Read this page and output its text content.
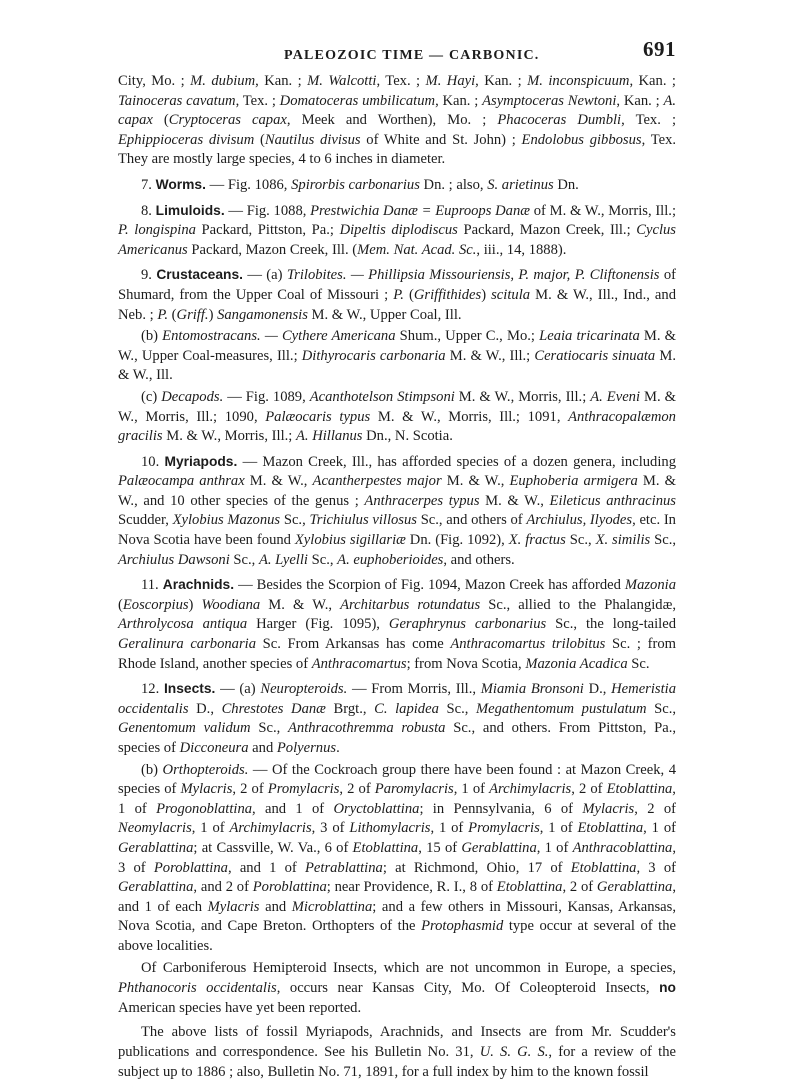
PALEOZOIC TIME — CARBONIC.	691

City, Mo. ; M. dubium, Kan. ; M. Walcotti, Tex. ; M. Hayi, Kan. ; M. inconspicuum, Kan. ; Tainoceras cavatum, Tex. ; Domatoceras umbilicatum, Kan. ; Asymptoceras Newtoni, Kan. ; A. capax (Cryptoceras capax, Meek and Worthen), Mo. ; Phacoceras Dumbli, Tex. ; Ephippioceras divisum (Nautilus divisus of White and St. John) ; Endolobus gibbosus, Tex. They are mostly large species, 4 to 6 inches in diameter.

7. Worms. — Fig. 1086, Spirorbis carbonarius Dn. ; also, S. arietinus Dn.

8. Limuloids. — Fig. 1088, Prestwichia Danæ = Euproops Danæ of M. & W., Morris, Ill.; P. longispina Packard, Pittston, Pa.; Dipeltis diplodiscus Packard, Mazon Creek, Ill.; Cyclus Americanus Packard, Mazon Creek, Ill. (Mem. Nat. Acad. Sc., iii., 14, 1888).

9. Crustaceans. — (a) Trilobites. — Phillipsia Missouriensis, P. major, P. Cliftonensis of Shumard, from the Upper Coal of Missouri ; P. (Griffithides) scitula M. & W., Ill., Ind., and Neb. ; P. (Griff.) Sangamonensis M. & W., Upper Coal, Ill.

(b) Entomostracans. — Cythere Americana Shum., Upper C., Mo.; Leaia tricarinata M. & W., Upper Coal-measures, Ill.; Dithyrocaris carbonaria M. & W., Ill.; Ceratiocaris sinuata M. & W., Ill.

(c) Decapods. — Fig. 1089, Acanthotelson Stimpsoni M. & W., Morris, Ill.; A. Eveni M. & W., Morris, Ill.; 1090, Palæocaris typus M. & W., Morris, Ill.; 1091, Anthracopalæmon gracilis M. & W., Morris, Ill.; A. Hillanus Dn., N. Scotia.

10. Myriapods. — Mazon Creek, Ill., has afforded species of a dozen genera, including Palæocampa anthrax M. & W., Acantherpestes major M. & W., Euphoberia armigera M. & W., and 10 other species of the genus ; Anthracerpes typus M. & W., Eileticus anthracinus Scudder, Xylobius Mazonus Sc., Trichiulus villosus Sc., and others of Archiulus, Ilyodes, etc. In Nova Scotia have been found Xylobius sigillariæ Dn. (Fig. 1092), X. fractus Sc., X. similis Sc., Archiulus Dawsoni Sc., A. Lyelli Sc., A. euphoberioides, and others.

11. Arachnids. — Besides the Scorpion of Fig. 1094, Mazon Creek has afforded Mazonia (Eoscorpius) Woodiana M. & W., Architarbus rotundatus Sc., allied to the Phalangidæ, Arthrolycosa antiqua Harger (Fig. 1095), Geraphrynus carbonarius Sc., the long-tailed Geralinura carbonaria Sc. From Arkansas has come Anthracomartus trilobitus Sc. ; from Rhode Island, another species of Anthracomartus; from Nova Scotia, Mazonia Acadica Sc.

12. Insects. — (a) Neuropteroids. — From Morris, Ill., Miamia Bronsoni D., Hemeristia occidentalis D., Chrestotes Danæ Brgt., C. lapidea Sc., Megathentomum pustulatum Sc., Genentomum validum Sc., Anthracothremma robusta Sc., and others. From Pittston, Pa., species of Dicconeura and Polyernus.

(b) Orthopteroids. — Of the Cockroach group there have been found : at Mazon Creek, 4 species of Mylacris, 2 of Promylacris, 2 of Paromylacris, 1 of Archimylacris, 2 of Etoblattina, 1 of Progonoblattina, and 1 of Oryctoblattina; in Pennsylvania, 6 of Mylacris, 2 of Neomylacris, 1 of Archimylacris, 3 of Lithomylacris, 1 of Promylacris, 1 of Etoblattina, 1 of Gerablattina; at Cassville, W. Va., 6 of Etoblattina, 15 of Gerablattina, 1 of Anthracoblattina, 3 of Poroblattina, and 1 of Petrablattina; at Richmond, Ohio, 17 of Etoblattina, 3 of Gerablattina, and 2 of Poroblattina; near Providence, R. I., 8 of Etoblattina, 2 of Gerablattina, and 1 of each Mylacris and Microblattina; and a few others in Missouri, Kansas, Arkansas, Nova Scotia, and Cape Breton. Orthopters of the Protophasmid type occur at several of the above localities.

Of Carboniferous Hemipteroid Insects, which are not uncommon in Europe, a species, Phthanocoris occidentalis, occurs near Kansas City, Mo. Of Coleopteroid Insects, no American species have yet been reported.

The above lists of fossil Myriapods, Arachnids, and Insects are from Mr. Scudder's publications and correspondence. See his Bulletin No. 31, U. S. G. S., for a review of the subject up to 1886 ; also, Bulletin No. 71, 1891, for a full index by him to the known fossil
